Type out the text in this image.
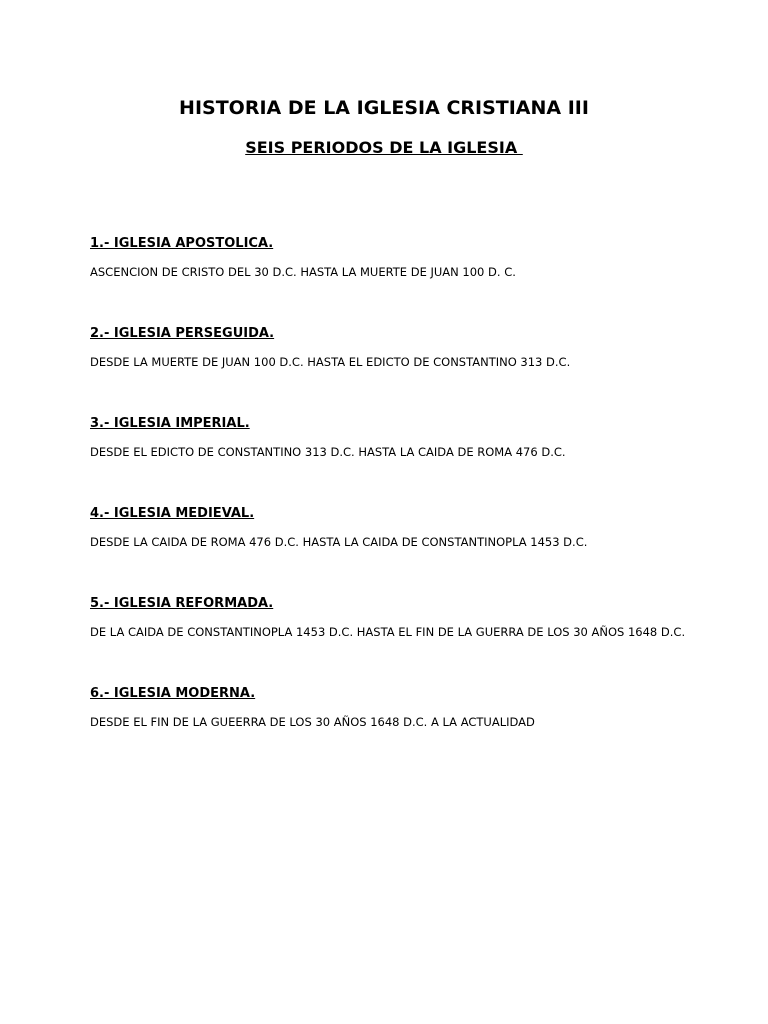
HISTORIA DE LA IGLESIA CRISTIANA III
SEIS PERIODOS DE LA IGLESIA
1.- IGLESIA APOSTOLICA.
ASCENCION DE CRISTO DEL 30 D.C. HASTA LA MUERTE DE JUAN 100 D. C.
2.- IGLESIA PERSEGUIDA.
DESDE LA MUERTE DE JUAN 100 D.C. HASTA EL EDICTO DE CONSTANTINO 313 D.C.
3.- IGLESIA IMPERIAL.
DESDE EL EDICTO DE CONSTANTINO 313 D.C. HASTA LA CAIDA DE ROMA 476 D.C.
4.- IGLESIA MEDIEVAL.
DESDE LA CAIDA DE ROMA 476 D.C. HASTA LA CAIDA DE CONSTANTINOPLA 1453 D.C.
5.- IGLESIA REFORMADA.
DE LA CAIDA DE CONSTANTINOPLA 1453 D.C. HASTA EL FIN DE LA GUERRA DE LOS 30 AÑOS 1648 D.C.
6.- IGLESIA MODERNA.
DESDE EL FIN DE LA GUEERRA DE LOS 30 AÑOS 1648 D.C. A LA ACTUALIDAD
